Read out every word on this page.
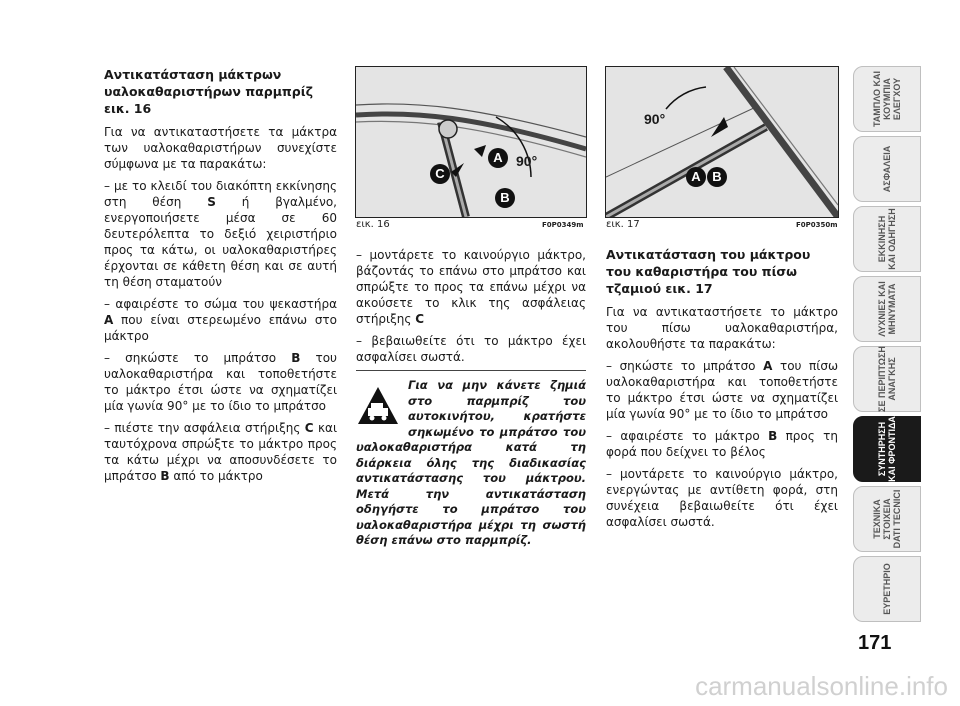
Αντικατάσταση μάκτρων υαλοκαθαριστήρων παρμπρίζ εικ. 16

Για να αντικαταστήσετε τα μάκτρα των υαλοκαθαριστήρων συνεχίστε σύμφωνα με τα παρακάτω:

– με το κλειδί του διακόπτη εκκίνησης στη θέση S ή βγαλμένο, ενεργοποιήσετε μέσα σε 60 δευτερόλεπτα το δεξιό χειριστήριο προς τα κάτω, οι υαλοκαθαριστήρες έρχονται σε κάθετη θέση και σε αυτή τη θέση σταματούν

– αφαιρέστε το σώμα του ψεκαστήρα A που είναι στερεωμένο επάνω στο μάκτρο

– σηκώστε το μπράτσο B του υαλοκαθαριστήρα και τοποθετήστε το μάκτρο έτσι ώστε να σχηματίζει μία γωνία 90° με το ίδιο το μπράτσο

– πιέστε την ασφάλεια στήριξης C και ταυτόχρονα σπρώξτε το μάκτρο προς τα κάτω μέχρι να αποσυνδέσετε το μπράτσο B από το μάκτρο

90°
A
B
C
εικ. 16	F0P0349m
90°
A B
εικ. 17	F0P0350m

– μοντάρετε το καινούργιο μάκτρο, βάζοντάς το επάνω στο μπράτσο και σπρώξτε το προς τα επάνω μέχρι να ακούσετε το κλικ της ασφάλειας στήριξης C

– βεβαιωθείτε ότι το μάκτρο έχει ασφαλίσει σωστά.

Για να μην κάνετε ζημιά στο παρμπρίζ του αυτοκινήτου, κρατήστε σηκωμένο το μπράτσο του υαλοκαθαριστήρα κατά τη διάρκεια όλης της διαδικασίας αντικατάστασης του μάκτρου. Μετά την αντικατάσταση οδηγήστε το μπράτσο του υαλοκαθαριστήρα μέχρι τη σωστή θέση επάνω στο παρμπρίζ.
Αντικατάσταση του μάκτρου του καθαριστήρα του πίσω τζαμιού εικ. 17

Για να αντικαταστήσετε το μάκτρο του πίσω υαλοκαθαριστήρα, ακολουθήστε τα παρακάτω:

– σηκώστε το μπράτσο A του πίσω υαλοκαθαριστήρα και τοποθετήστε το μάκτρο έτσι ώστε να σχηματίζει μία γωνία 90° με το ίδιο το μπράτσο

– αφαιρέστε το μάκτρο B προς τη φορά που δείχνει το βέλος

– μοντάρετε το καινούργιο μάκτρο, ενεργώντας με αντίθετη φορά, στη συνέχεια βεβαιωθείτε ότι έχει ασφαλίσει σωστά.

ΤΑΜΠΛΟ ΚΑΙ
ΚΟΥΜΠΙΑ
ΕΛΕΓΧΟΥ
ΑΣΦΑΛΕΙΑ
ΕΚΚΙΝΗΣΗ
ΚΑΙ ΟΔΗΓΗΣΗ
ΛΥΧΝΙΕΣ ΚΑΙ
ΜΗΝΥΜΑΤΑ
ΣΕ ΠΕΡΙΠΤΩΣΗ
ΑΝΑΓΚΗΣ
ΣΥΝΤΗΡΗΣΗ
ΚΑΙ ΦΡΟΝΤΙΔΑ
ΤΕΧΝΙΚΑ
ΣΤΟΙΧΕΙΑ
DATI TECNICI
ΕΥΡΕΤΗΡΙΟ
171
carmanualsonline.info
